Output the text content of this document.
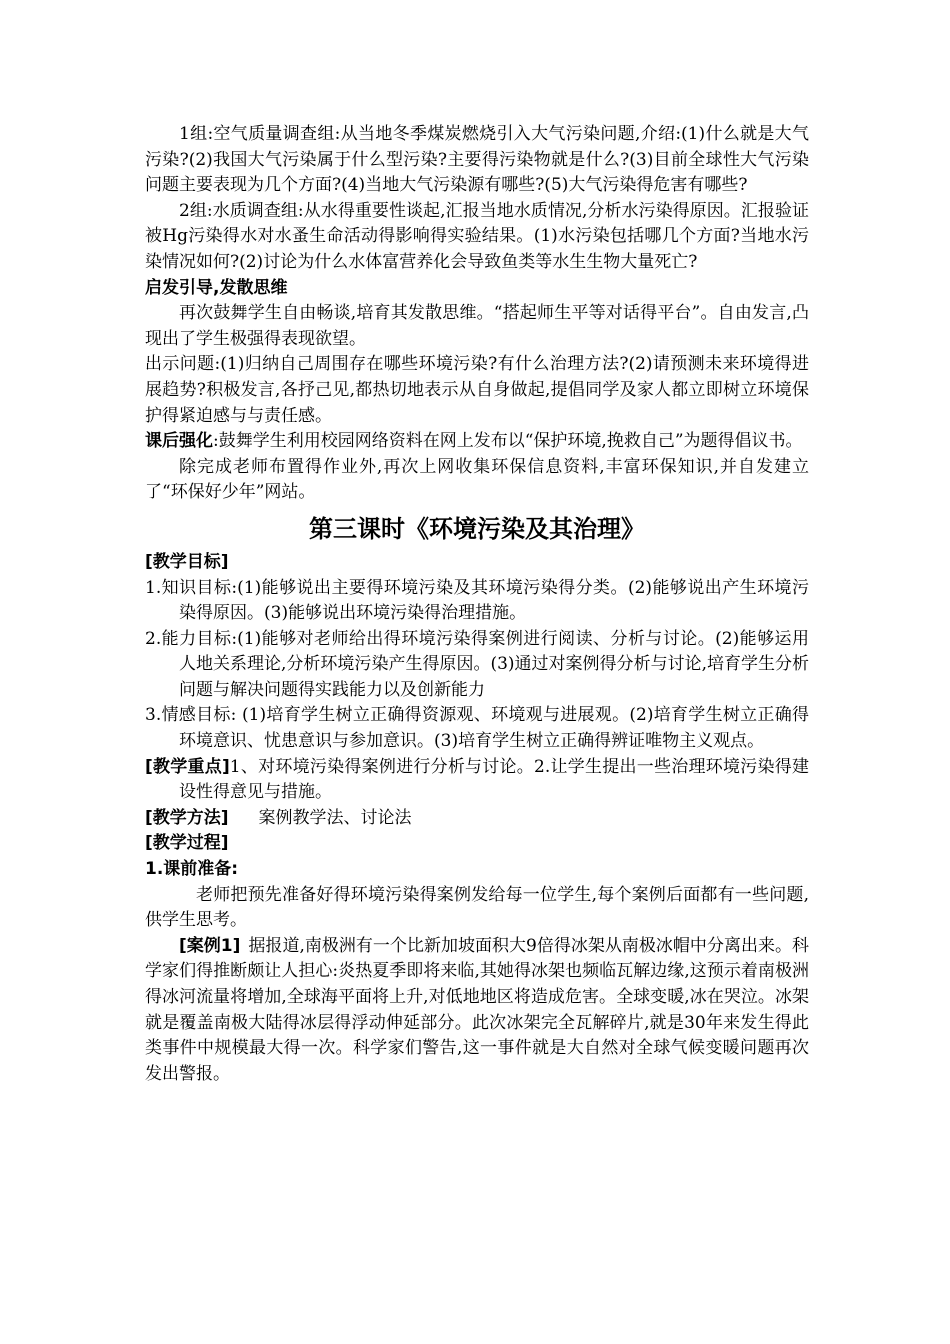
1组:空气质量调查组:从当地冬季煤炭燃烧引入大气污染问题,介绍:(1)什么就是大气污染?(2)我国大气污染属于什么型污染?主要得污染物就是什么?(3)目前全球性大气污染问题主要表现为几个方面?(4)当地大气污染源有哪些?(5)大气污染得危害有哪些?

2组:水质调查组:从水得重要性谈起,汇报当地水质情况,分析水污染得原因。汇报验证被Hg污染得水对水蚤生命活动得影响得实验结果。(1)水污染包括哪几个方面?当地水污染情况如何?(2)讨论为什么水体富营养化会导致鱼类等水生生物大量死亡?

启发引导,发散思维

再次鼓舞学生自由畅谈,培育其发散思维。“搭起师生平等对话得平台”。自由发言,凸现出了学生极强得表现欲望。

出示问题:(1)归纳自己周围存在哪些环境污染?有什么治理方法?(2)请预测未来环境得进展趋势?积极发言,各抒己见,都热切地表示从自身做起,提倡同学及家人都立即树立环境保护得紧迫感与与责任感。

课后强化:鼓舞学生利用校园网络资料在网上发布以“保护环境,挽救自己”为题得倡议书。

除完成老师布置得作业外,再次上网收集环保信息资料,丰富环保知识,并自发建立了“环保好少年”网站。

第三课时《环境污染及其治理》

[教学目标]

1.知识目标:(1)能够说出主要得环境污染及其环境污染得分类。(2)能够说出产生环境污染得原因。(3)能够说出环境污染得治理措施。

2.能力目标:(1)能够对老师给出得环境污染得案例进行阅读、分析与讨论。(2)能够运用人地关系理论,分析环境污染产生得原因。(3)通过对案例得分析与讨论,培育学生分析问题与解决问题得实践能力以及创新能力

3.情感目标: (1)培育学生树立正确得资源观、环境观与进展观。(2)培育学生树立正确得环境意识、忧患意识与参加意识。(3)培育学生树立正确得辨证唯物主义观点。

[教学重点]1、对环境污染得案例进行分析与讨论。2.让学生提出一些治理环境污染得建设性得意见与措施。

[教学方法] 案例教学法、讨论法

[教学过程]

1.课前准备:

老师把预先准备好得环境污染得案例发给每一位学生,每个案例后面都有一些问题,供学生思考。

[案例1] 据报道,南极洲有一个比新加坡面积大9倍得冰架从南极冰帽中分离出来。科学家们得推断颇让人担心:炎热夏季即将来临,其她得冰架也频临瓦解边缘,这预示着南极洲得冰河流量将增加,全球海平面将上升,对低地地区将造成危害。全球变暖,冰在哭泣。冰架就是覆盖南极大陆得冰层得浮动伸延部分。此次冰架完全瓦解碎片,就是30年来发生得此类事件中规模最大得一次。科学家们警告,这一事件就是大自然对全球气候变暖问题再次发出警报。
